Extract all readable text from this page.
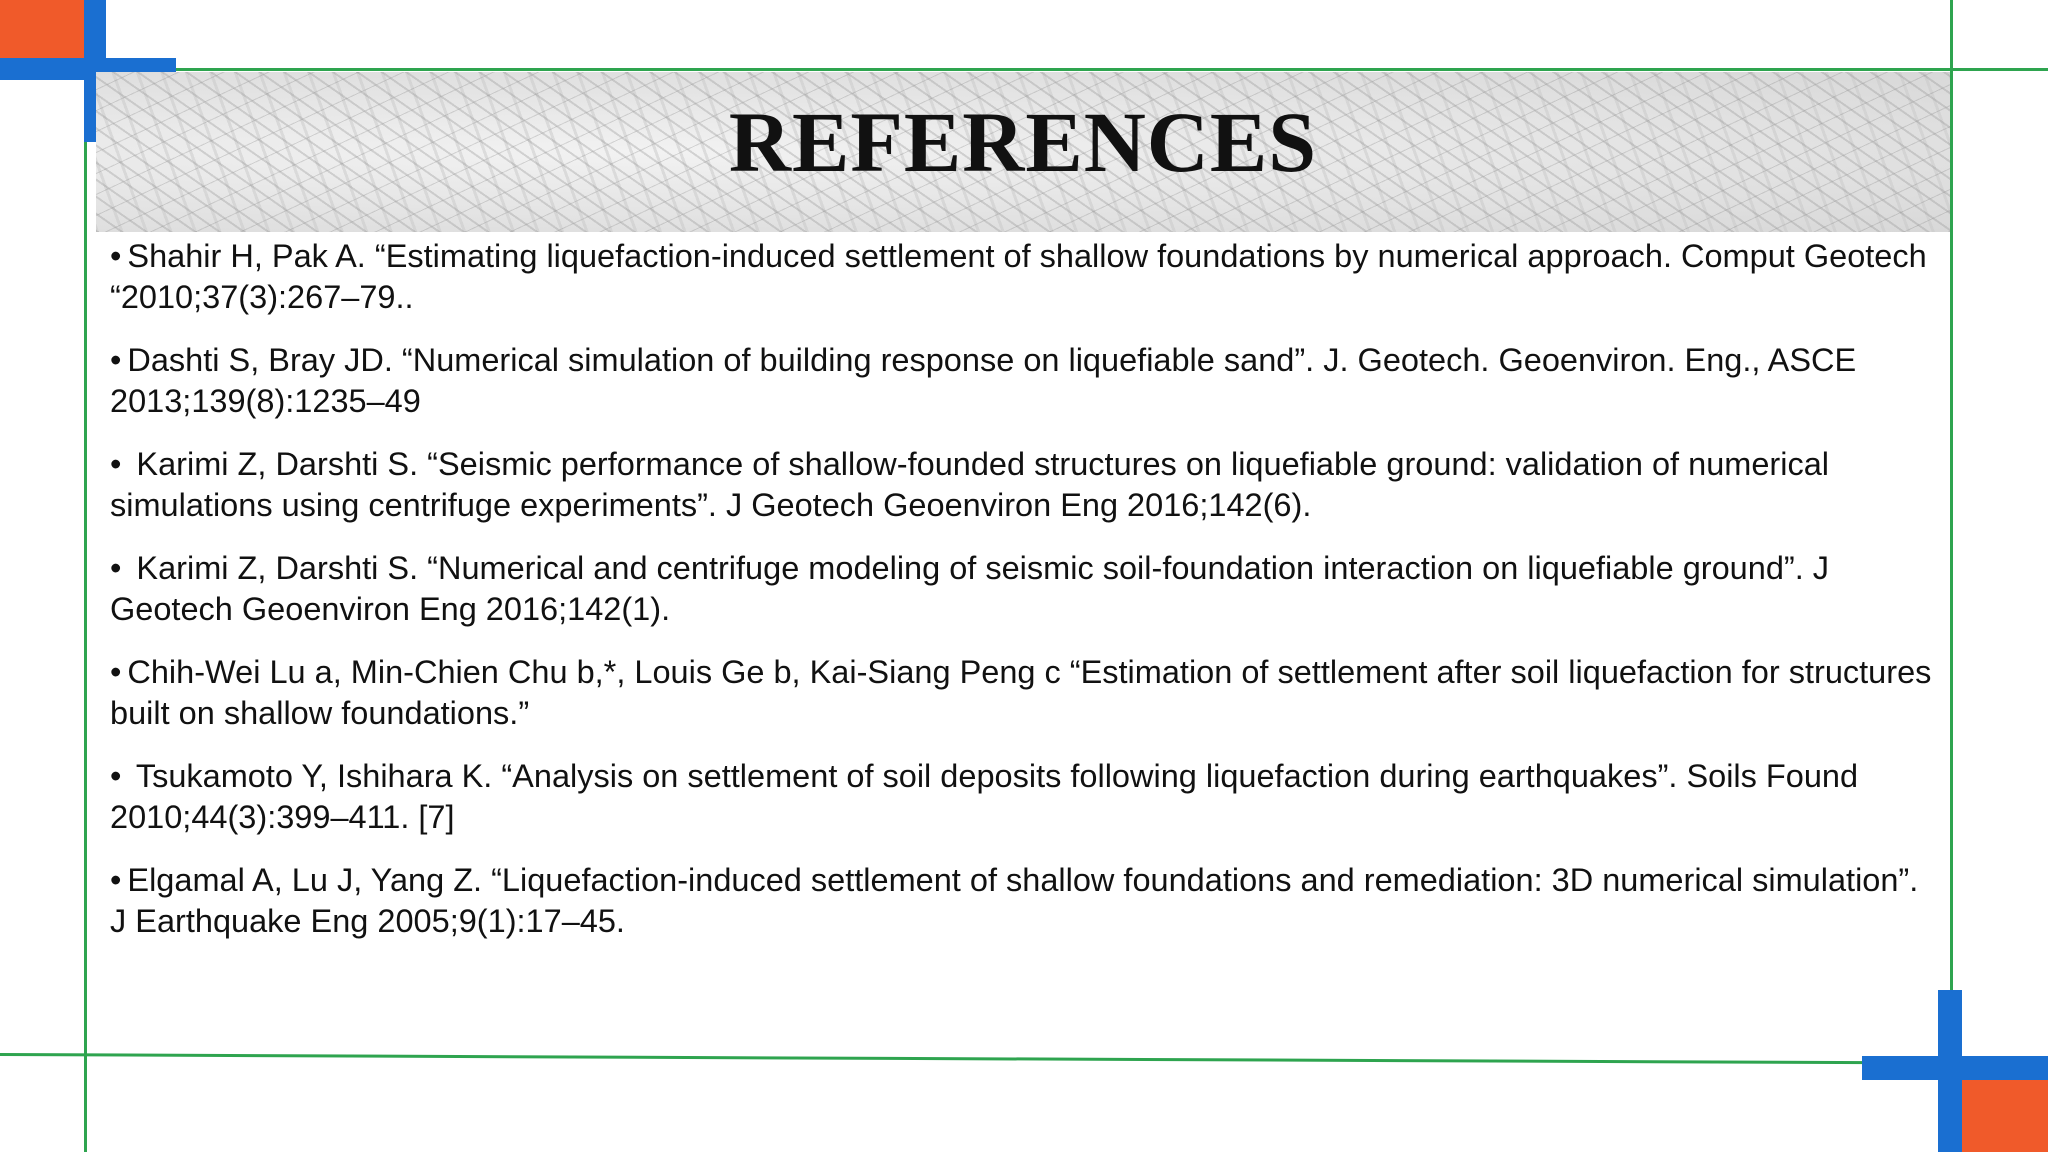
REFERENCES
• Shahir H, Pak A. “Estimating liquefaction-induced settlement of shallow foundations by numerical approach. Comput Geotech “2010;37(3):267–79..
• Dashti S, Bray JD. “Numerical simulation of building response on liquefiable sand”. J. Geotech. Geoenviron. Eng., ASCE 2013;139(8):1235–49
• Karimi Z, Darshti S. “Seismic performance of shallow-founded structures on liquefiable ground: validation of numerical simulations using centrifuge experiments”. J Geotech Geoenviron Eng 2016;142(6).
• Karimi Z, Darshti S. “Numerical and centrifuge modeling of seismic soil-foundation interaction on liquefiable ground”. J Geotech Geoenviron Eng 2016;142(1).
• Chih-Wei Lu a, Min-Chien Chu b,*, Louis Ge b, Kai-Siang Peng c “Estimation of settlement after soil liquefaction for structures built on shallow foundations.”
• Tsukamoto Y, Ishihara K. “Analysis on settlement of soil deposits following liquefaction during earthquakes”. Soils Found 2010;44(3):399–411. [7]
• Elgamal A, Lu J, Yang Z. “Liquefaction-induced settlement of shallow foundations and remediation: 3D numerical simulation”. J Earthquake Eng 2005;9(1):17–45.
